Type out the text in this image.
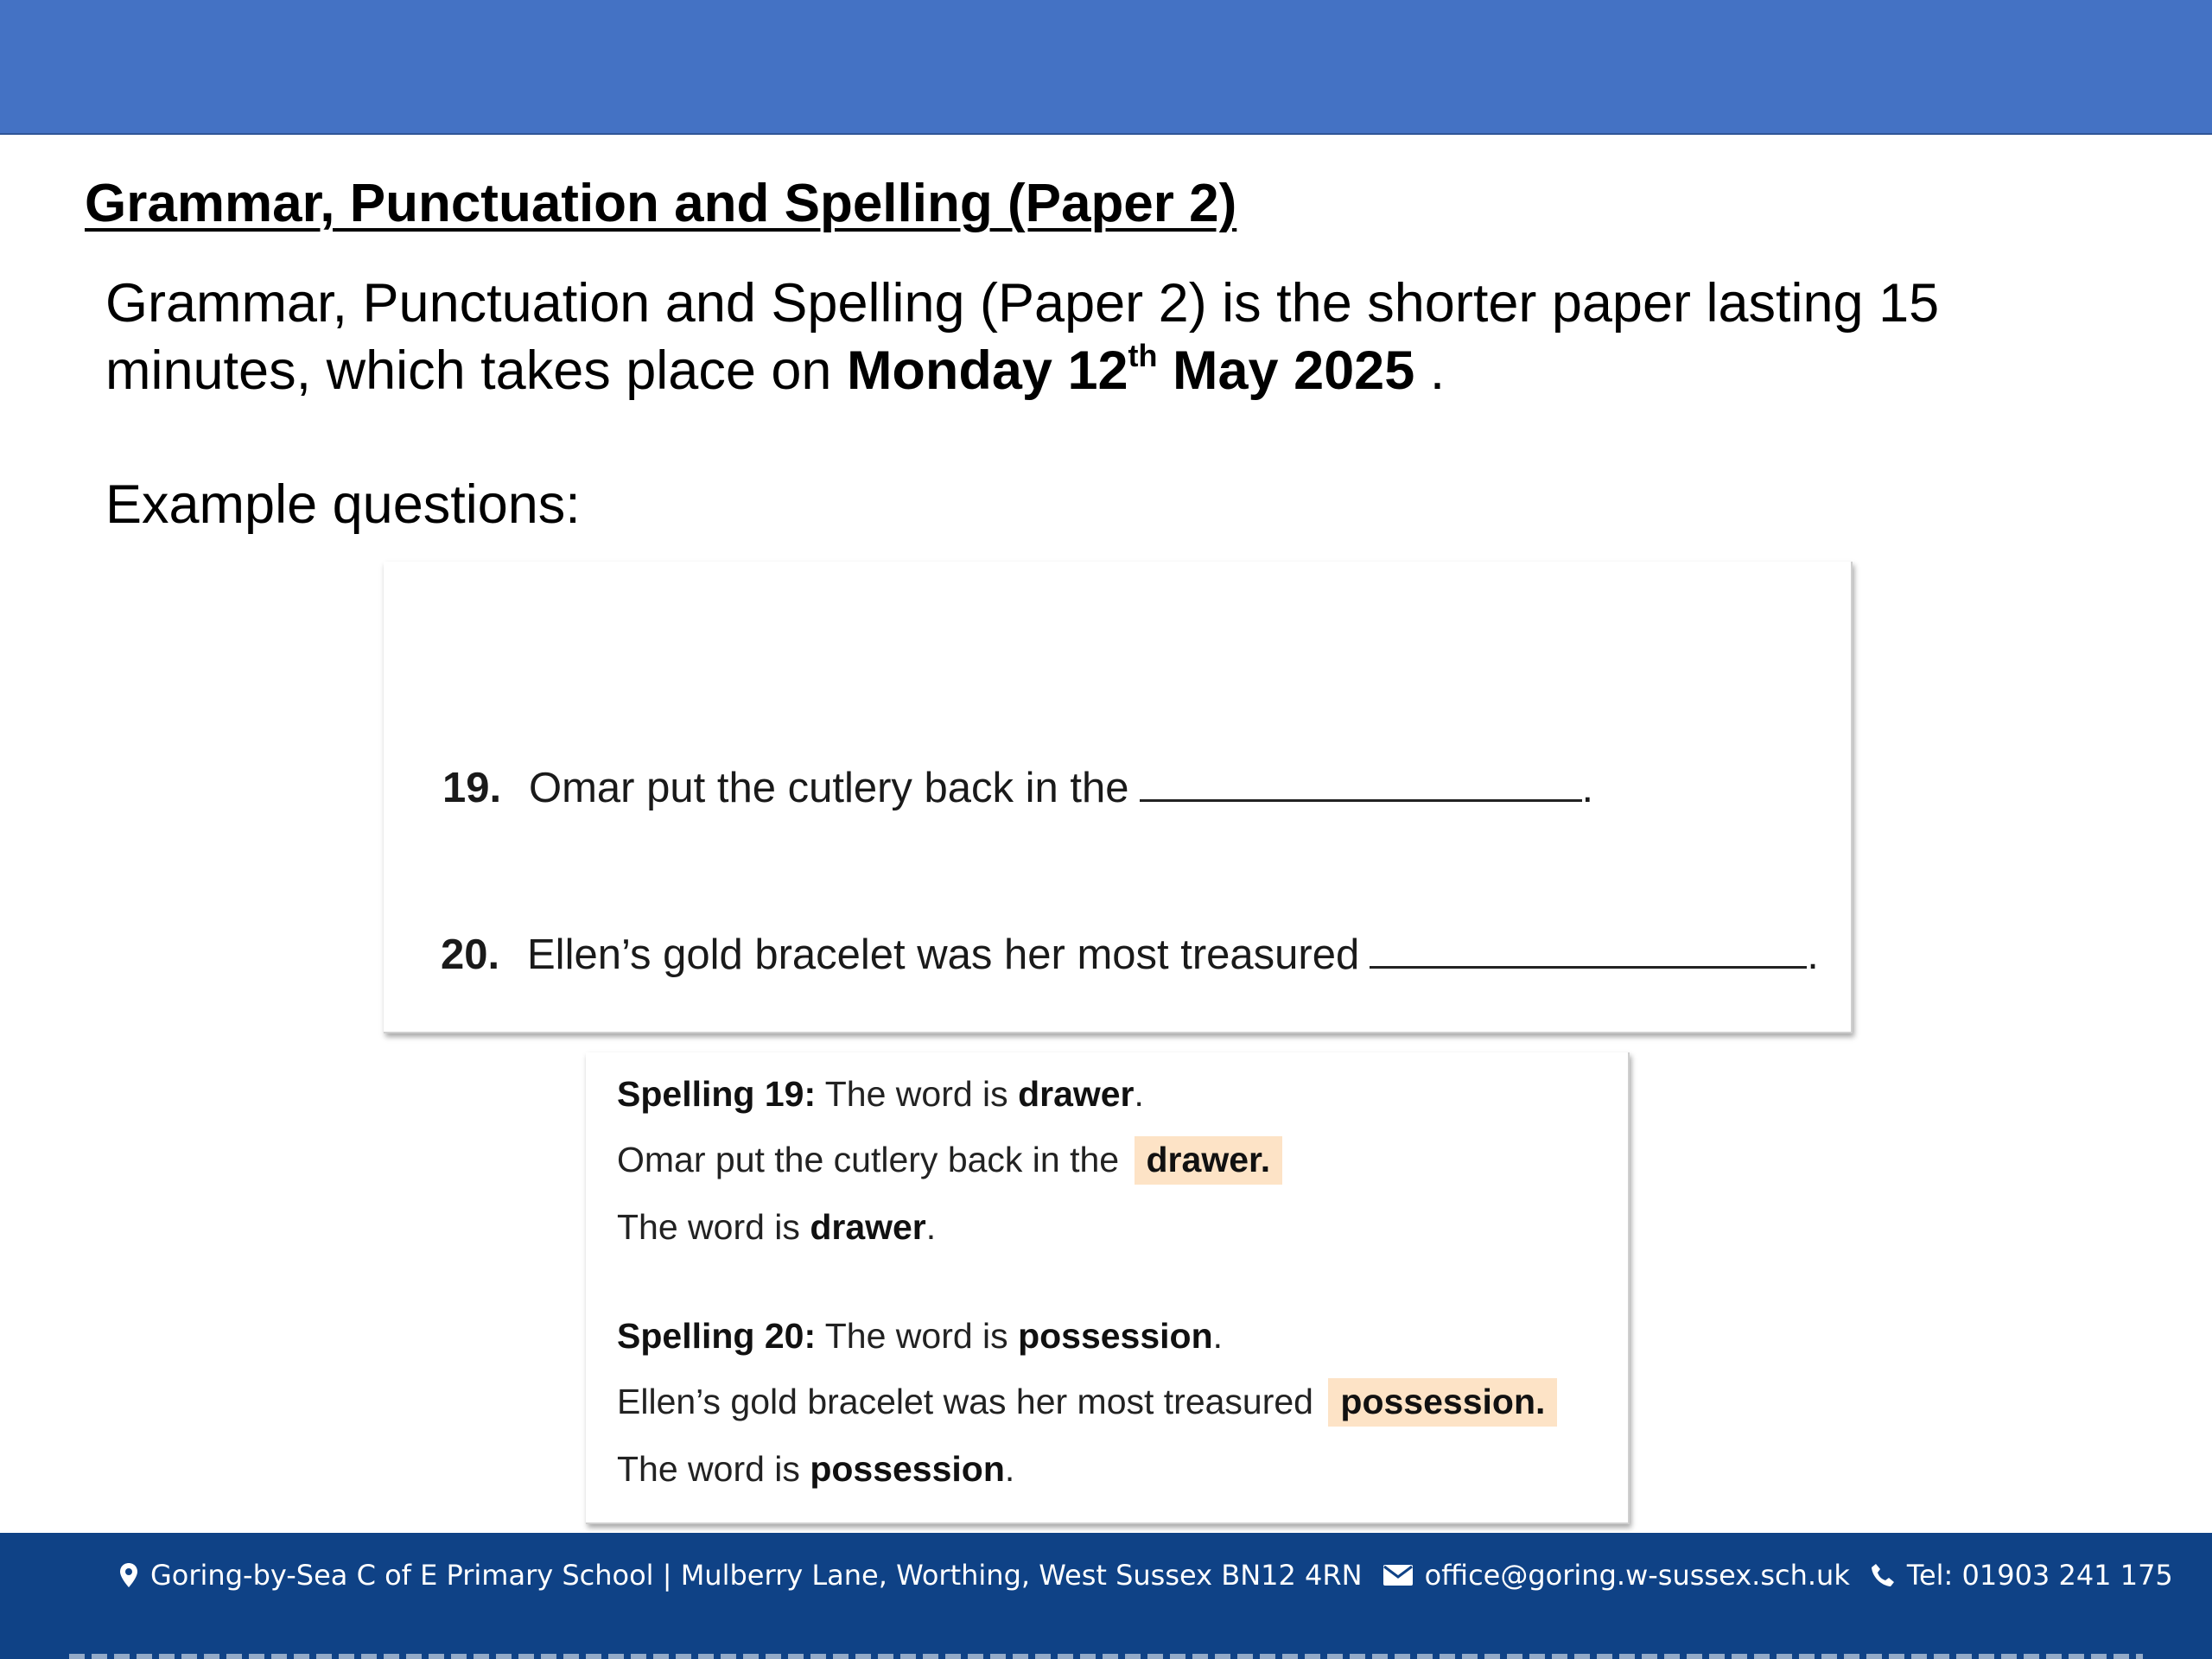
Grammar, Punctuation and Spelling (Paper 2)

Grammar, Punctuation and Spelling (Paper 2) is the shorter paper lasting 15 minutes, which takes place on Monday 12th May 2025 .

Example questions:

19. Omar put the cutlery back in the	.
20. Ellen’s gold bracelet was her most treasured	.
Spelling 19: The word is drawer.
Omar put the cutlery back in the drawer.
The word is drawer.
Spelling 20: The word is possession.
Ellen’s gold bracelet was her most treasured possession.
The word is possession.
Goring-by-Sea C of E Primary School | Mulberry Lane, Worthing, West Sussex BN12 4RN office@goring.w-sussex.sch.uk Tel: 01903 241 175
